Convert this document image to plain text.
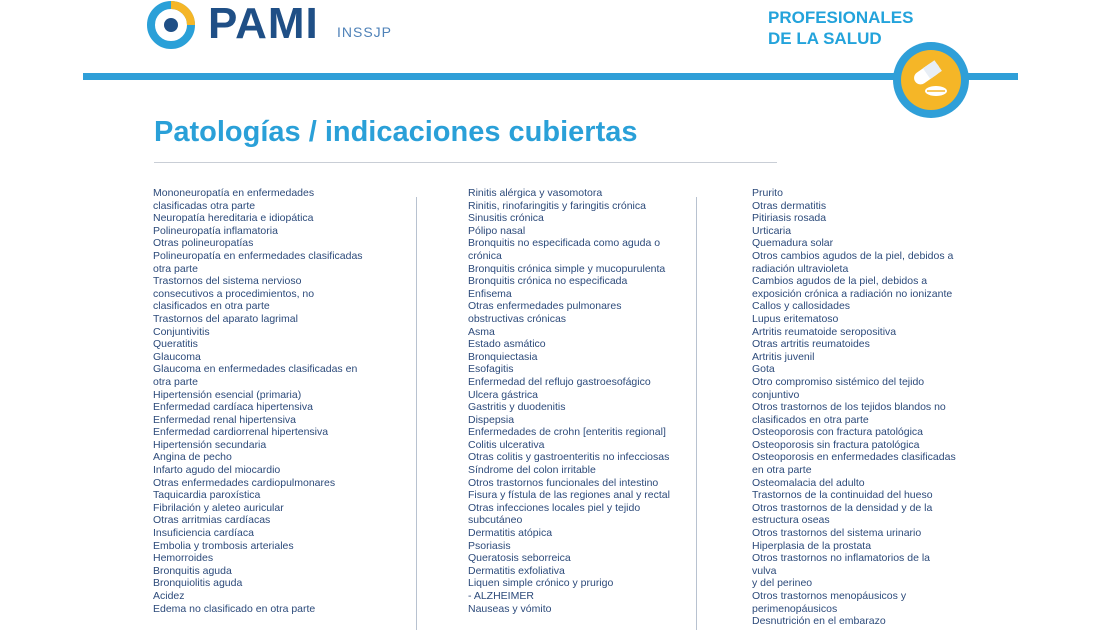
PAMI INSSJP
PROFESIONALES
DE LA SALUD
Patologías / indicaciones cubiertas
Mononeuropatía en enfermedades
clasificadas otra parte
Neuropatía hereditaria e idiopática
Polineuropatía inflamatoria
Otras polineuropatías
Polineuropatía en enfermedades clasificadas
otra parte
Trastornos del sistema nervioso
consecutivos a procedimientos, no
clasificados en otra parte
Trastornos del aparato lagrimal
Conjuntivitis
Queratitis
Glaucoma
Glaucoma en enfermedades clasificadas en
otra parte
Hipertensión esencial (primaria)
Enfermedad cardíaca hipertensiva
Enfermedad renal hipertensiva
Enfermedad cardiorrenal hipertensiva
Hipertensión secundaria
Angina de pecho
Infarto agudo del miocardio
Otras enfermedades cardiopulmonares
Taquicardia paroxística
Fibrilación y aleteo auricular
Otras arritmias cardíacas
Insuficiencia cardíaca
Embolia y trombosis arteriales
Hemorroides
Bronquitis aguda
Bronquiolitis aguda
Acidez
Edema no clasificado en otra parte
Rinitis alérgica y vasomotora
Rinitis, rinofaringitis y faringitis crónica
Sinusitis crónica
Pólipo nasal
Bronquitis no especificada como aguda o
crónica
Bronquitis crónica simple y mucopurulenta
Bronquitis crónica no especificada
Enfisema
Otras enfermedades pulmonares
obstructivas crónicas
Asma
Estado asmático
Bronquiectasia
Esofagitis
Enfermedad del reflujo gastroesofágico
Ulcera gástrica
Gastritis y duodenitis
Dispepsia
Enfermedades de crohn [enteritis regional]
Colitis ulcerativa
Otras colitis y gastroenteritis no infecciosas
Síndrome del colon irritable
Otros trastornos funcionales del intestino
Fisura y fístula de las regiones anal y rectal
Otras infecciones locales piel y tejido
subcutáneo
Dermatitis atópica
Psoriasis
Queratosis seborreica
Dermatitis exfoliativa
Liquen simple crónico y prurigo
- ALZHEIMER
Nauseas y vómito
Prurito
Otras dermatitis
Pitiriasis rosada
Urticaria
Quemadura solar
Otros cambios agudos de la piel, debidos a
radiación ultravioleta
Cambios agudos de la piel, debidos a
exposición crónica a radiación no ionizante
Callos y callosidades
Lupus eritematoso
Artritis reumatoide seropositiva
Otras artritis reumatoides
Artritis juvenil
Gota
Otro compromiso sistémico del tejido
conjuntivo
Otros trastornos de los tejidos blandos no
clasificados en otra parte
Osteoporosis con fractura patológica
Osteoporosis sin fractura patológica
Osteoporosis en enfermedades clasificadas
en otra parte
Osteomalacia del adulto
Trastornos de la continuidad del hueso
Otros trastornos de la densidad y de la
estructura oseas
Otros trastornos del sistema urinario
Hiperplasia de la prostata
Otros trastornos no inflamatorios de la vulva
y del perineo
Otros trastornos menopáusicos y
perimenopáusicos
Desnutrición en el embarazo
